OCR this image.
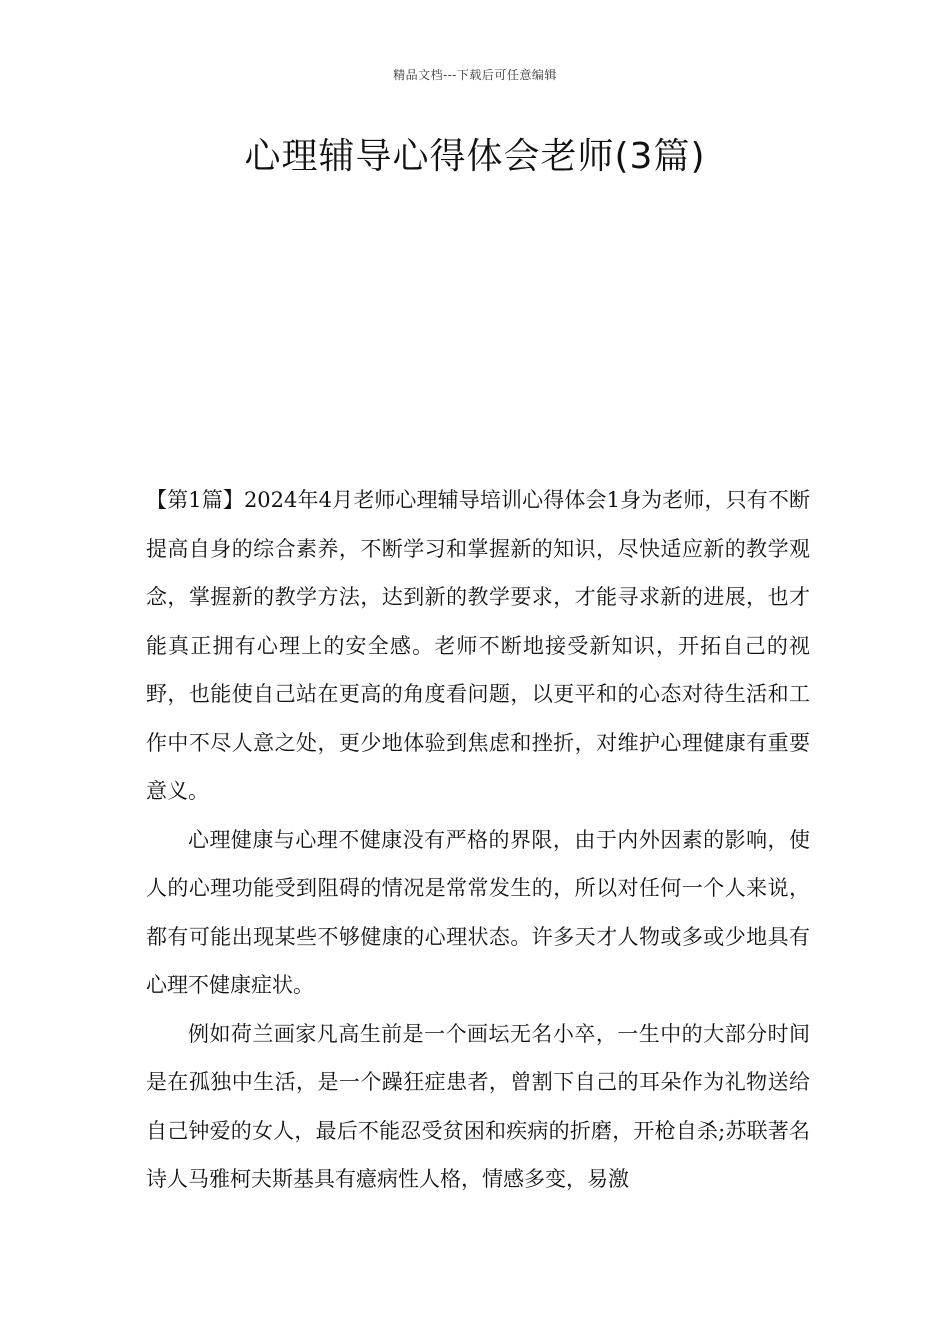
精品文档---下载后可任意编辑
心理辅导心得体会老师(3篇)

【第1篇】2024年4月老师心理辅导培训心得体会1身为老师，只有不断提高自身的综合素养，不断学习和掌握新的知识，尽快适应新的教学观念，掌握新的教学方法，达到新的教学要求，才能寻求新的进展，也才能真正拥有心理上的安全感。老师不断地接受新知识，开拓自己的视野，也能使自己站在更高的角度看问题，以更平和的心态对待生活和工作中不尽人意之处，更少地体验到焦虑和挫折，对维护心理健康有重要意义。

心理健康与心理不健康没有严格的界限，由于内外因素的影响，使人的心理功能受到阻碍的情况是常常发生的，所以对任何一个人来说，都有可能出现某些不够健康的心理状态。许多天才人物或多或少地具有心理不健康症状。

例如荷兰画家凡高生前是一个画坛无名小卒，一生中的大部分时间是在孤独中生活，是一个躁狂症患者，曾割下自己的耳朵作为礼物送给自己钟爱的女人，最后不能忍受贫困和疾病的折磨，开枪自杀;苏联著名诗人马雅柯夫斯基具有癔病性人格，情感多变，易激
